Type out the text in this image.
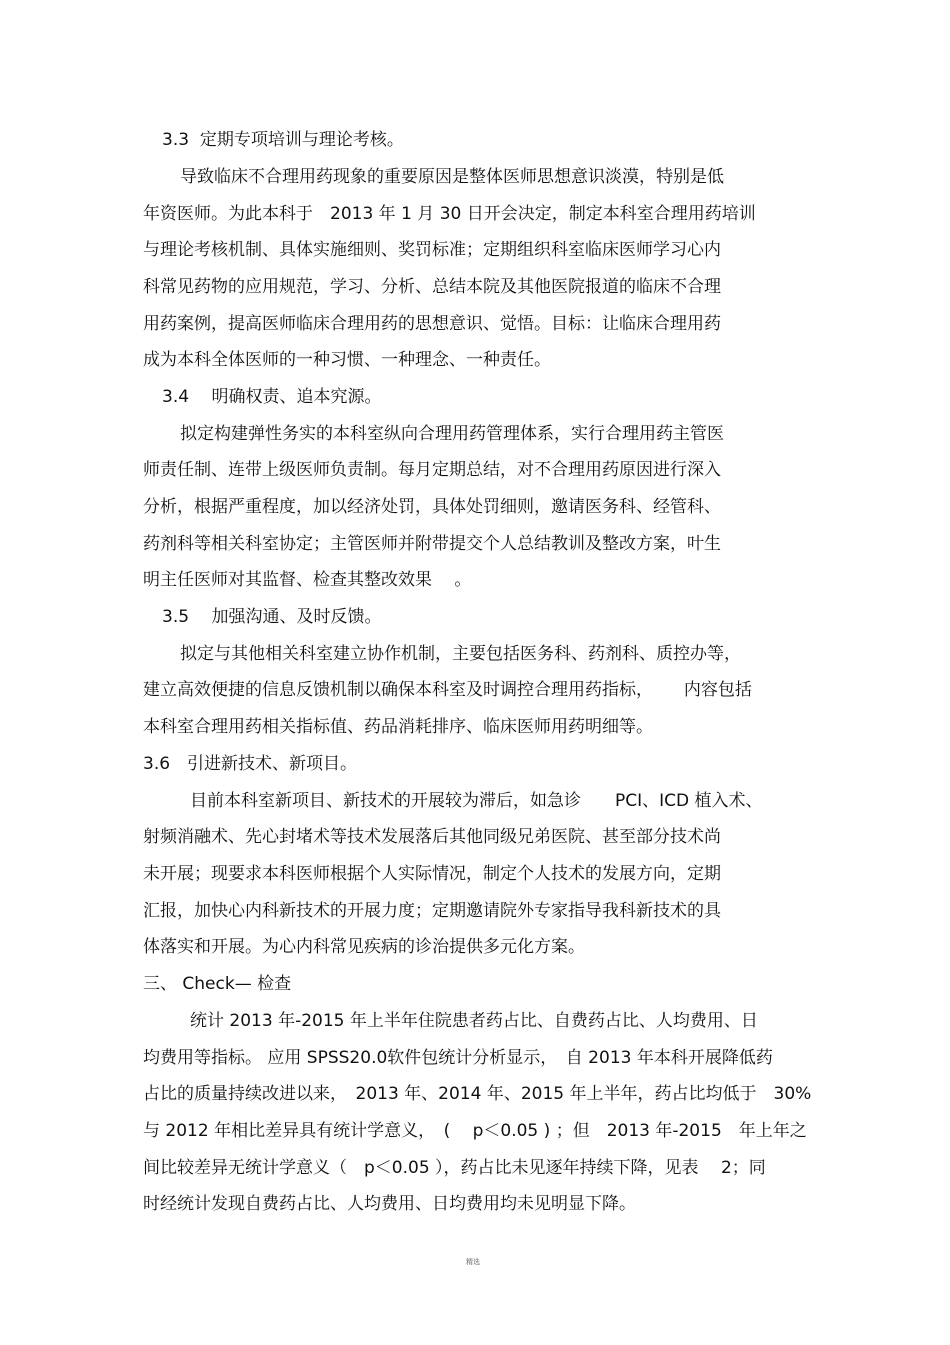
3.3  定期专项培训与理论考核。
导致临床不合理用药现象的重要原因是整体医师思想意识淡漠，特别是低
年资医师。为此本科于　2013 年 1 月 30 日开会决定，制定本科室合理用药培训
与理论考核机制、具体实施细则、奖罚标准；定期组织科室临床医师学习心内
科常见药物的应用规范，学习、分析、总结本院及其他医院报道的临床不合理
用药案例，提高医师临床合理用药的思想意识、觉悟。目标：让临床合理用药
成为本科全体医师的一种习惯、一种理念、一种责任。
3.4　 明确权责、追本究源。
拟定构建弹性务实的本科室纵向合理用药管理体系，实行合理用药主管医
师责任制、连带上级医师负责制。每月定期总结，对不合理用药原因进行深入
分析，根据严重程度，加以经济处罚，具体处罚细则，邀请医务科、经管科、
药剂科等相关科室协定；主管医师并附带提交个人总结教训及整改方案，叶生
明主任医师对其监督、检查其整改效果　 。
3.5　 加强沟通、及时反馈。
拟定与其他相关科室建立协作机制，主要包括医务科、药剂科、质控办等，
建立高效便捷的信息反馈机制以确保本科室及时调控合理用药指标，　　 内容包括
本科室合理用药相关指标值、药品消耗排序、临床医师用药明细等。
3.6　引进新技术、新项目。
目前本科室新项目、新技术的开展较为滞后，如急诊　　PCI、ICD 植入术、
射频消融术、先心封堵术等技术发展落后其他同级兄弟医院、甚至部分技术尚
未开展；现要求本科医师根据个人实际情况，制定个人技术的发展方向，定期
汇报，加快心内科新技术的开展力度；定期邀请院外专家指导我科新技术的具
体落实和开展。为心内科常见疾病的诊治提供多元化方案。
三、 Check— 检查
统计 2013 年-2015 年上半年住院患者药占比、自费药占比、人均费用、日
均费用等指标。 应用 SPSS20.0软件包统计分析显示，　自 2013 年本科开展降低药
占比的质量持续改进以来，　2013 年、2014 年、2015 年上半年，药占比均低于　30%
与 2012 年相比差异具有统计学意义，　(　 p＜0.05 ) ；但　2013 年-2015　年上年之
间比较差异无统计学意义（　p＜0.05 ），药占比未见逐年持续下降，见表　 2；同
时经统计发现自费药占比、人均费用、日均费用均未见明显下降。
精选
